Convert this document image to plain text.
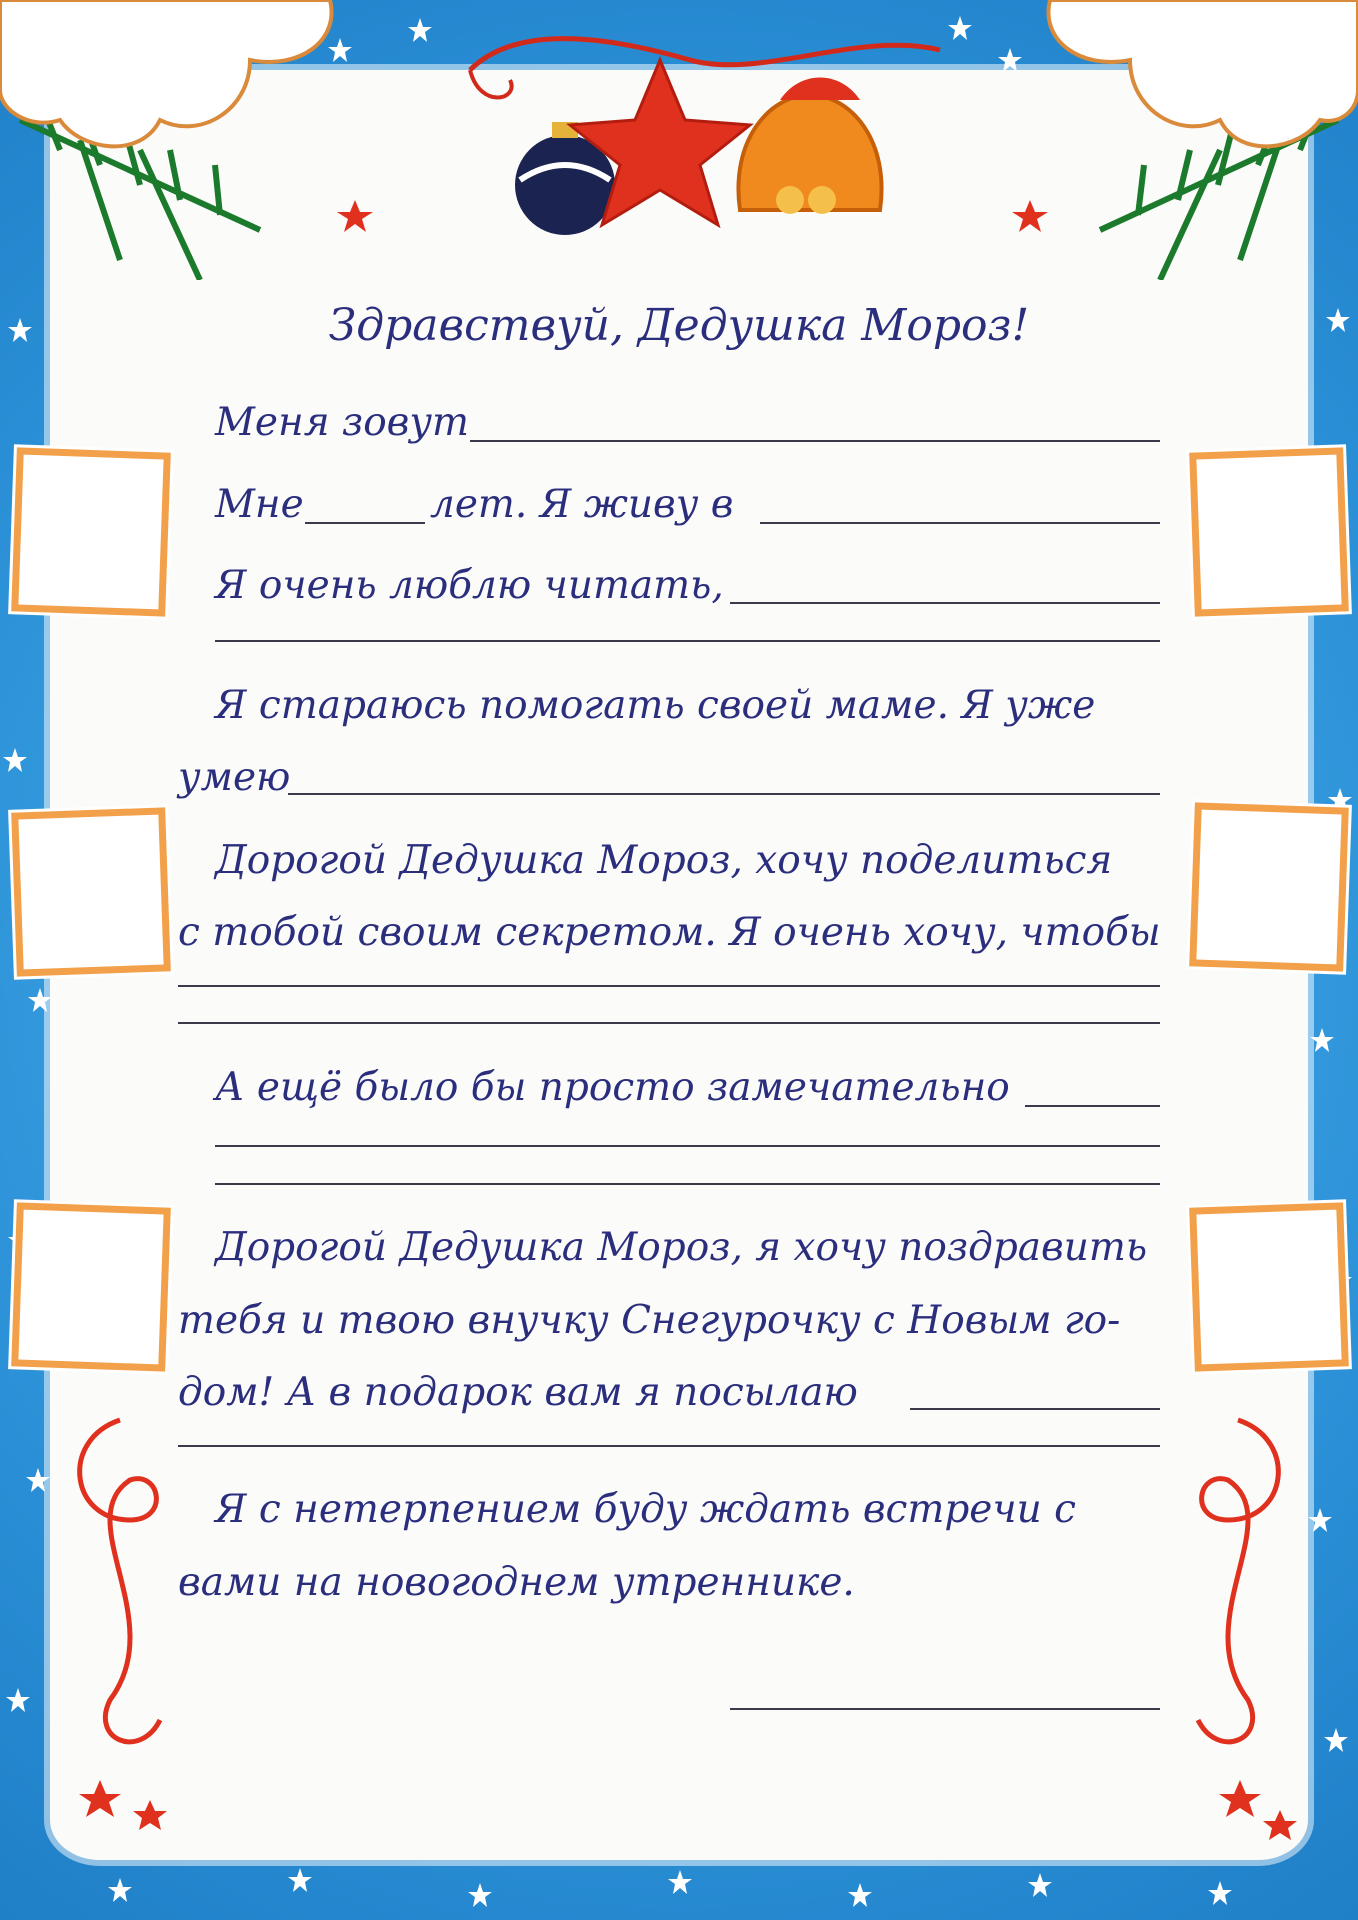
Здравствуй, Дедушка Мороз!
Меня зовут
Мне	лет. Я живу в
Я очень люблю читать,
Я стараюсь помогать своей маме. Я уже
умею
Дорогой Дедушка Мороз, хочу поделиться
с тобой своим секретом. Я очень хочу, чтобы
А ещё было бы просто замечательно
Дорогой Дедушка Мороз, я хочу поздравить
тебя и твою внучку Снегурочку с Новым го-
дом! А в подарок вам я посылаю
Я с нетерпением буду ждать встречи с
вами на новогоднем утреннике.
